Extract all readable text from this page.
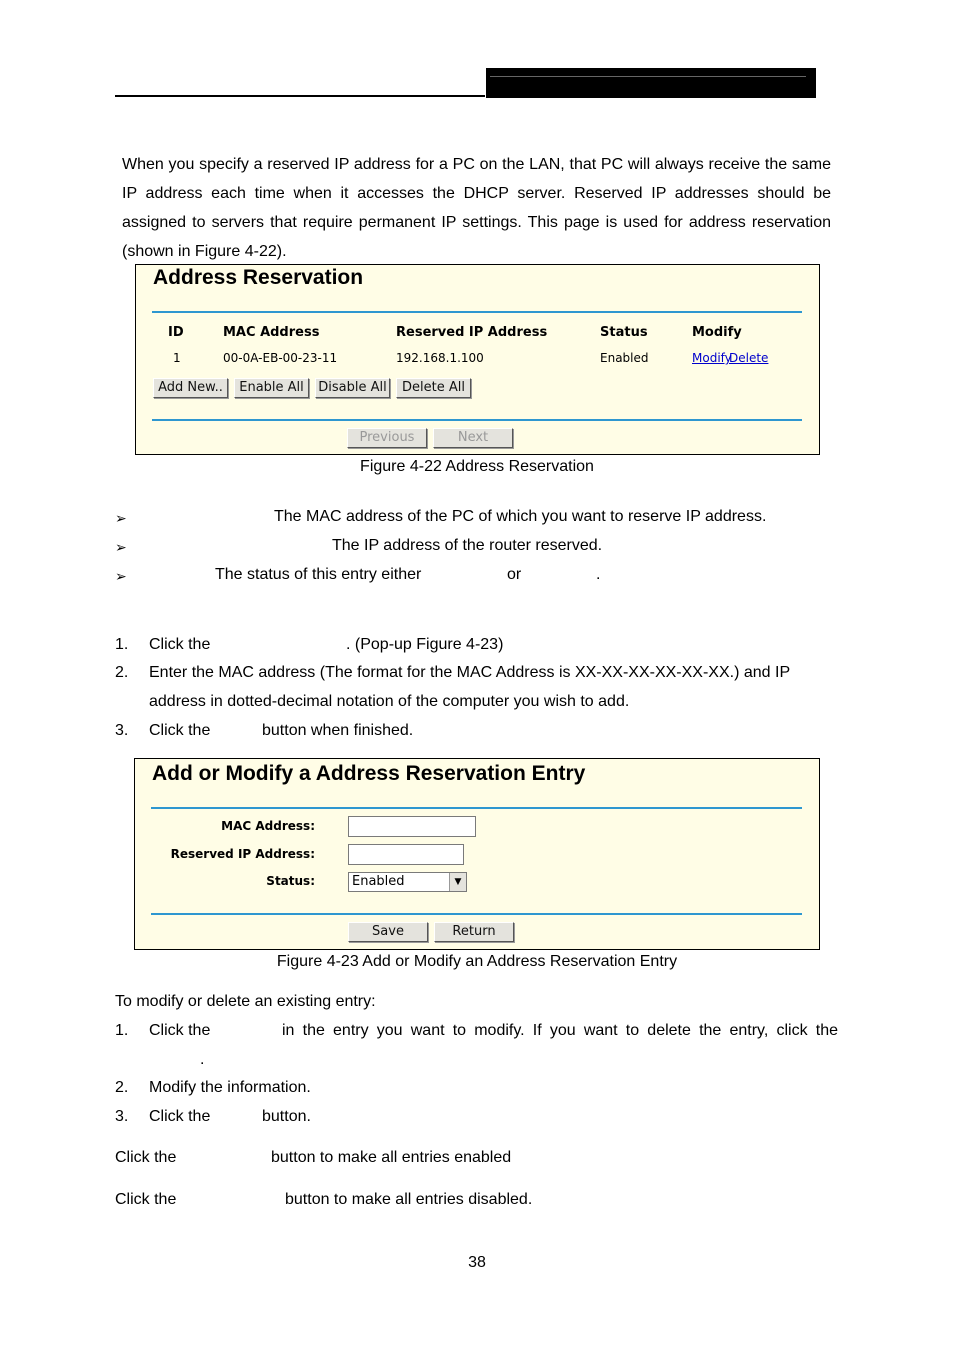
When you specify a reserved IP address for a PC on the LAN, that PC will always receive the same IP address each time when it accesses the DHCP server. Reserved IP addresses should be assigned to servers that require permanent IP settings. This page is used for address reservation (shown in Figure 4-22).
Address Reservation
ID	MAC Address	Reserved IP Address	Status	Modify
1	00-0A-EB-00-23-11	192.168.1.100	Enabled	Modify
Delete
Add New..	Enable All	Disable All	Delete All
Previous	Next
Figure 4-22 Address Reservation
➢	The MAC address of the PC of which you want to reserve IP address.
➢	The IP address of the router reserved.
➢	The status of this entry either	or	.
1. Click the	. (Pop-up Figure 4-23)
2. Enter the MAC address (The format for the MAC Address is XX-XX-XX-XX-XX-XX.) and IP
address in dotted-decimal notation of the computer you wish to add.
3. Click the	button when finished.
Add or Modify a Address Reservation Entry
MAC Address:
Reserved IP Address:
Status:	Enabled	▼
Save	Return
Figure 4-23 Add or Modify an Address Reservation Entry
To modify or delete an existing entry:
1. Click the	in the entry you want to modify. If you want to delete the entry, click the
.
2. Modify the information.
3. Click the	button.
Click the	button to make all entries enabled
Click the	button to make all entries disabled.
38
